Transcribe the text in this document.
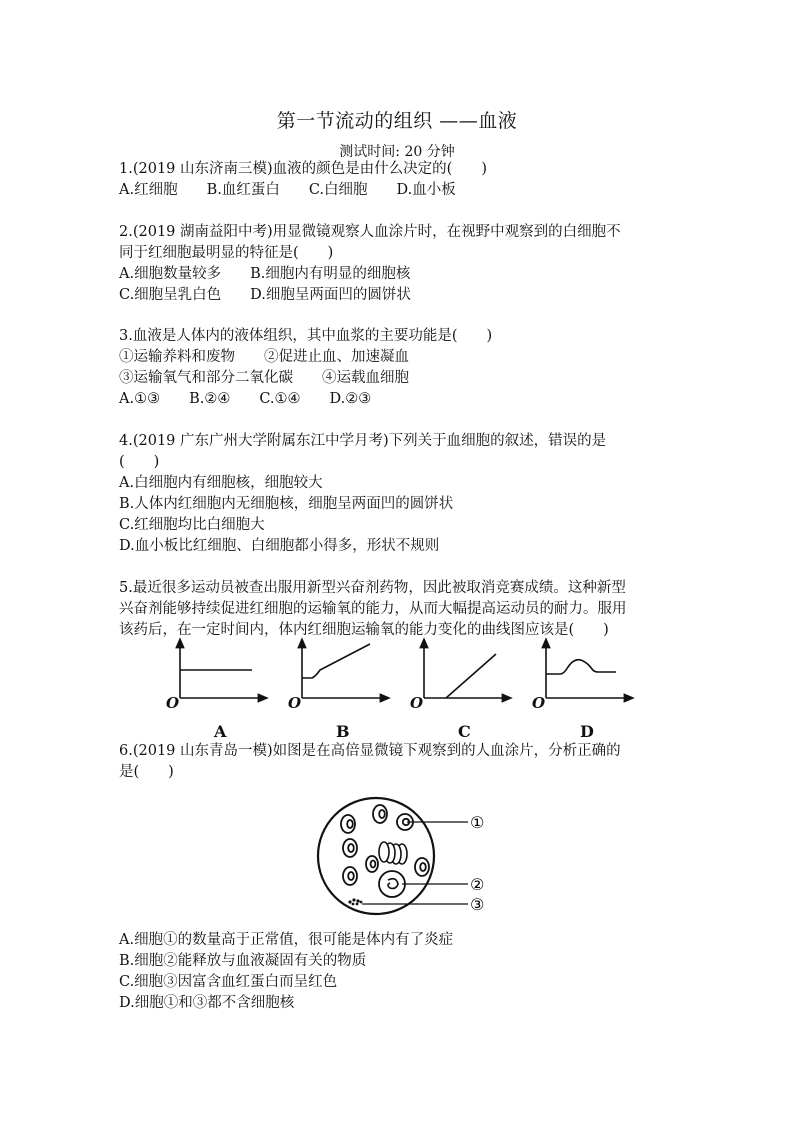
第一节流动的组织 ——血液
测试时间: 20 分钟
1.(2019 山东济南三模)血液的颜色是由什么决定的(　　)
A.红细胞　　B.血红蛋白　　C.白细胞　　D.血小板
2.(2019 湖南益阳中考)用显微镜观察人血涂片时，在视野中观察到的白细胞不
同于红细胞最明显的特征是(　　)
A.细胞数量较多　　B.细胞内有明显的细胞核
C.细胞呈乳白色　　D.细胞呈两面凹的圆饼状
3.血液是人体内的液体组织，其中血浆的主要功能是(　　)
①运输养料和废物　　②促进止血、加速凝血
③运输氧气和部分二氧化碳　　④运载血细胞
A.①③　　B.②④　　C.①④　　D.②③
4.(2019 广东广州大学附属东江中学月考)下列关于血细胞的叙述，错误的是
(　　)
A.白细胞内有细胞核，细胞较大
B.人体内红细胞内无细胞核，细胞呈两面凹的圆饼状
C.红细胞均比白细胞大
D.血小板比红细胞、白细胞都小得多，形状不规则
5.最近很多运动员被查出服用新型兴奋剂药物，因此被取消竞赛成绩。这种新型
兴奋剂能够持续促进红细胞的运输氧的能力，从而大幅提高运动员的耐力。服用
该药后，在一定时间内，体内红细胞运输氧的能力变化的曲线图应该是(　　)
O
A
O
B
O
C
O
D
6.(2019 山东青岛一模)如图是在高倍显微镜下观察到的人血涂片，分析正确的
是(　　)
①
②
③
A.细胞①的数量高于正常值，很可能是体内有了炎症
B.细胞②能释放与血液凝固有关的物质
C.细胞③因富含血红蛋白而呈红色
D.细胞①和③都不含细胞核
